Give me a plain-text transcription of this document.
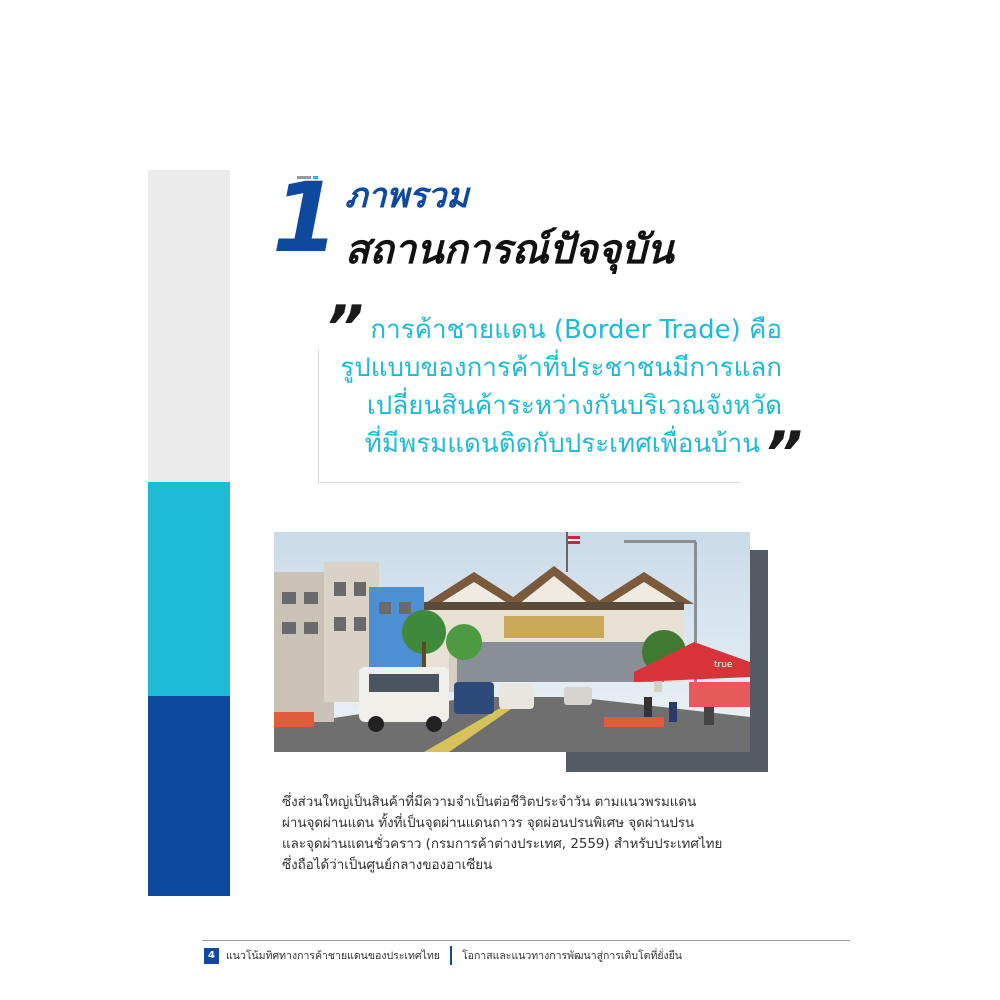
1 ภาพรวม
สถานการณ์ปัจจุบัน
”
”
การค้าชายแดน (Border Trade) คือ
รูปแบบของการค้าที่ประชาชนมีการแลก
เปลี่ยนสินค้าระหว่างกันบริเวณจังหวัด
ที่มีพรมแดนติดกับประเทศเพื่อนบ้าน
true
ซึ่งส่วนใหญ่เป็นสินค้าที่มีความจำเป็นต่อชีวิตประจำวัน ตามแนวพรมแดน
ผ่านจุดผ่านแดน ทั้งที่เป็นจุดผ่านแดนถาวร จุดผ่อนปรนพิเศษ จุดผ่านปรน
และจุดผ่านแดนชั่วคราว (กรมการค้าต่างประเทศ, 2559) สำหรับประเทศไทย
ซึ่งถือได้ว่าเป็นศูนย์กลางของอาเซียน
4	แนวโน้มทิศทางการค้าชายแดนของประเทศไทย โอกาสและแนวทางการพัฒนาสู่การเติบโตที่ยั่งยืน
